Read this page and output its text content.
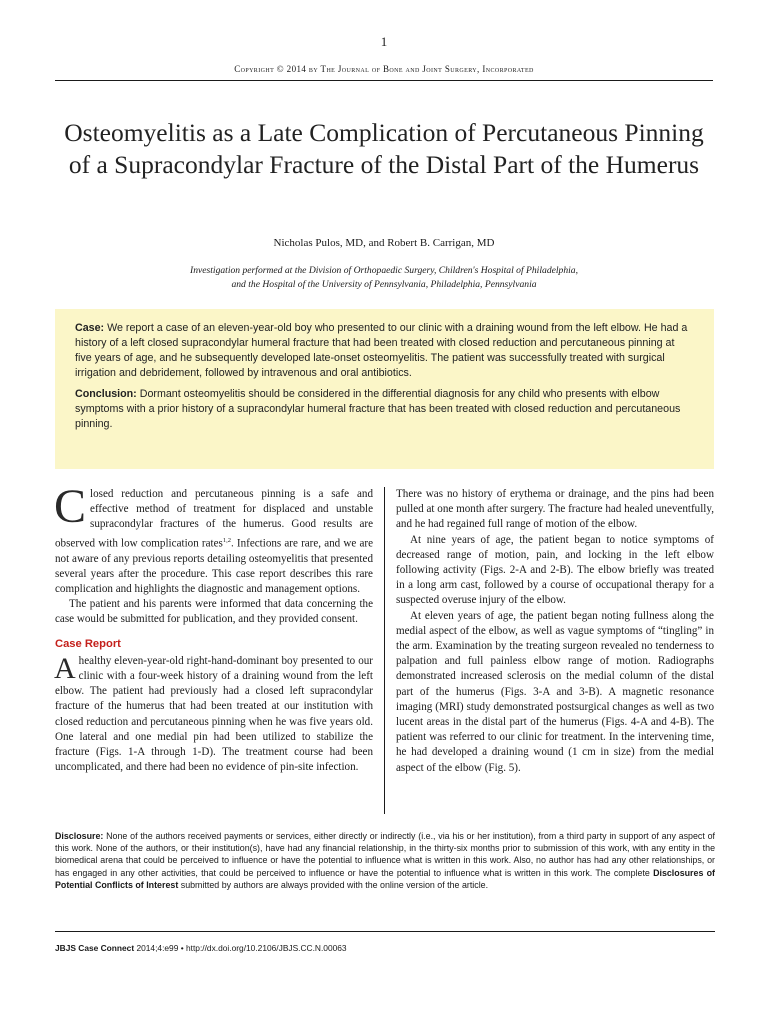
1
Copyright © 2014 by The Journal of Bone and Joint Surgery, Incorporated
Osteomyelitis as a Late Complication of Percutaneous Pinning of a Supracondylar Fracture of the Distal Part of the Humerus
Nicholas Pulos, MD, and Robert B. Carrigan, MD
Investigation performed at the Division of Orthopaedic Surgery, Children's Hospital of Philadelphia,
and the Hospital of the University of Pennsylvania, Philadelphia, Pennsylvania

Case: We report a case of an eleven-year-old boy who presented to our clinic with a draining wound from the left elbow. He had a history of a left closed supracondylar humeral fracture that had been treated with closed reduction and percutaneous pinning at five years of age, and he subsequently developed late-onset osteomyelitis. The patient was successfully treated with surgical irrigation and debridement, followed by intravenous and oral antibiotics.

Conclusion: Dormant osteomyelitis should be considered in the differential diagnosis for any child who presents with elbow symptoms with a prior history of a supracondylar humeral fracture that has been treated with closed reduction and percutaneous pinning.

Closed reduction and percutaneous pinning is a safe and effective method of treatment for displaced and unstable supracondylar fractures of the humerus. Good results are observed with low complication rates$^{1,2}$. Infections are rare, and we are not aware of any previous reports detailing osteomyelitis that presented several years after the procedure. This case report describes this rare complication and highlights the diagnostic and management options.

The patient and his parents were informed that data concerning the case would be submitted for publication, and they provided consent.

Case Report

Ahealthy eleven-year-old right-hand-dominant boy presented to our clinic with a four-week history of a draining wound from the left elbow. The patient had previously had a closed left supracondylar fracture of the humerus that had been treated at our institution with closed reduction and percutaneous pinning when he was five years old. One lateral and one medial pin had been utilized to stabilize the fracture (Figs. 1-A through 1-D). The treatment course had been uncomplicated, and there had been no evidence of pin-site infection.

There was no history of erythema or drainage, and the pins had been pulled at one month after surgery. The fracture had healed uneventfully, and he had regained full range of motion of the elbow.

At nine years of age, the patient began to notice symptoms of decreased range of motion, pain, and locking in the left elbow following activity (Figs. 2-A and 2-B). The elbow briefly was treated in a long arm cast, followed by a course of occupational therapy for a suspected overuse injury of the elbow.

At eleven years of age, the patient began noting fullness along the medial aspect of the elbow, as well as vague symptoms of “tingling” in the arm. Examination by the treating surgeon revealed no tenderness to palpation and full painless elbow range of motion. Radiographs demonstrated increased sclerosis on the medial column of the distal part of the humerus (Figs. 3-A and 3-B). A magnetic resonance imaging (MRI) study demonstrated postsurgical changes as well as two lucent areas in the distal part of the humerus (Figs. 4-A and 4-B). The patient was referred to our clinic for treatment. In the intervening time, he had developed a draining wound (1 cm in size) from the medial aspect of the elbow (Fig. 5).

Disclosure: None of the authors received payments or services, either directly or indirectly (i.e., via his or her institution), from a third party in support of any aspect of this work. None of the authors, or their institution(s), have had any financial relationship, in the thirty-six months prior to submission of this work, with any entity in the biomedical arena that could be perceived to influence or have the potential to influence what is written in this work. Also, no author has had any other relationships, or has engaged in any other activities, that could be perceived to influence or have the potential to influence what is written in this work. The complete Disclosures of Potential Conflicts of Interest submitted by authors are always provided with the online version of the article.
JBJS Case Connect 2014;4:e99 • http://dx.doi.org/10.2106/JBJS.CC.N.00063
